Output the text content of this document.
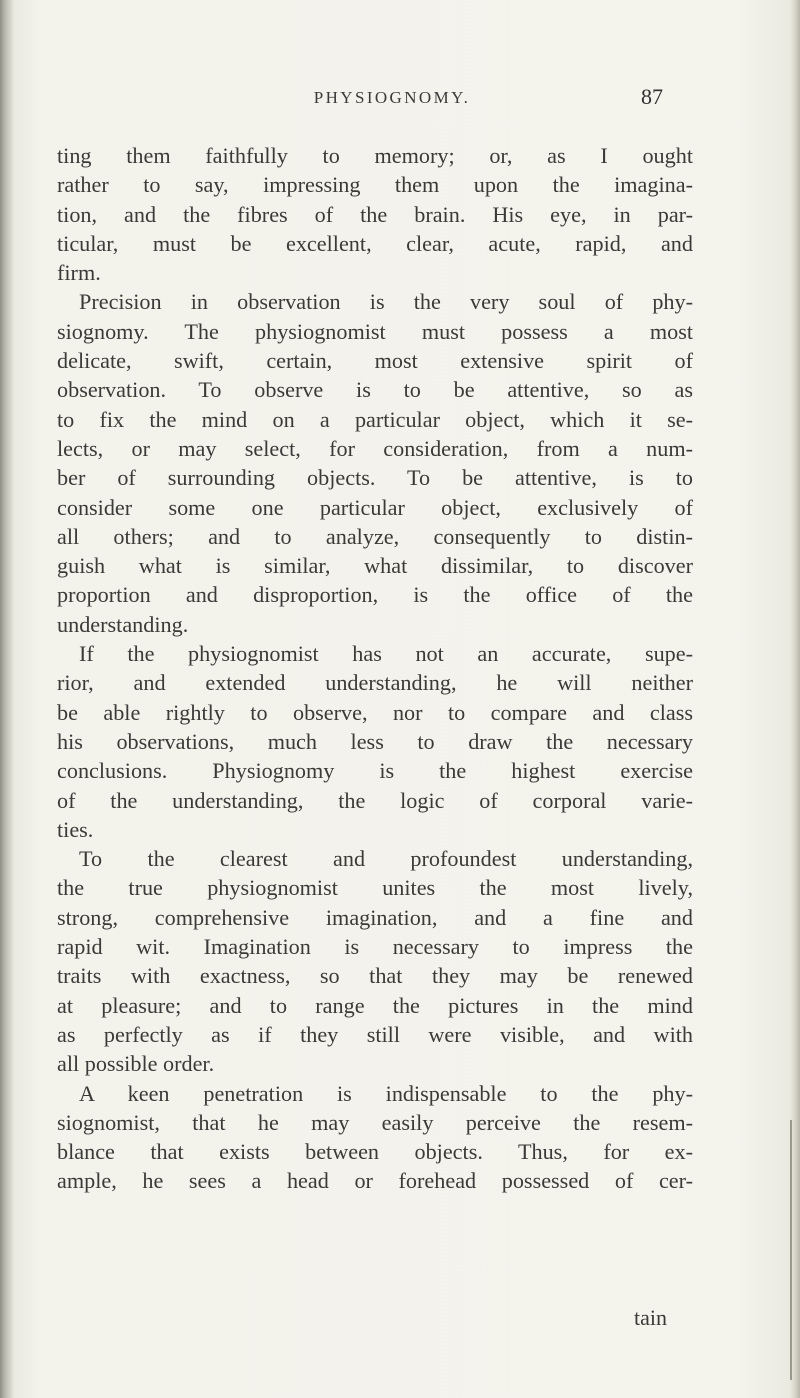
PHYSIOGNOMY.	87
ting them faithfully to memory; or, as I ought
rather to say, impressing them upon the imagina-
tion, and the fibres of the brain. His eye, in par-
ticular, must be excellent, clear, acute, rapid, and
firm.
Precision in observation is the very soul of phy-
siognomy. The physiognomist must possess a most
delicate, swift, certain, most extensive spirit of
observation. To observe is to be attentive, so as
to fix the mind on a particular object, which it se-
lects, or may select, for consideration, from a num-
ber of surrounding objects. To be attentive, is to
consider some one particular object, exclusively of
all others; and to analyze, consequently to distin-
guish what is similar, what dissimilar, to discover
proportion and disproportion, is the office of the
understanding.
If the physiognomist has not an accurate, supe-
rior, and extended understanding, he will neither
be able rightly to observe, nor to compare and class
his observations, much less to draw the necessary
conclusions. Physiognomy is the highest exercise
of the understanding, the logic of corporal varie-
ties.
To the clearest and profoundest understanding,
the true physiognomist unites the most lively,
strong, comprehensive imagination, and a fine and
rapid wit. Imagination is necessary to impress the
traits with exactness, so that they may be renewed
at pleasure; and to range the pictures in the mind
as perfectly as if they still were visible, and with
all possible order.
A keen penetration is indispensable to the phy-
siognomist, that he may easily perceive the resem-
blance that exists between objects. Thus, for ex-
ample, he sees a head or forehead possessed of cer-
tain
